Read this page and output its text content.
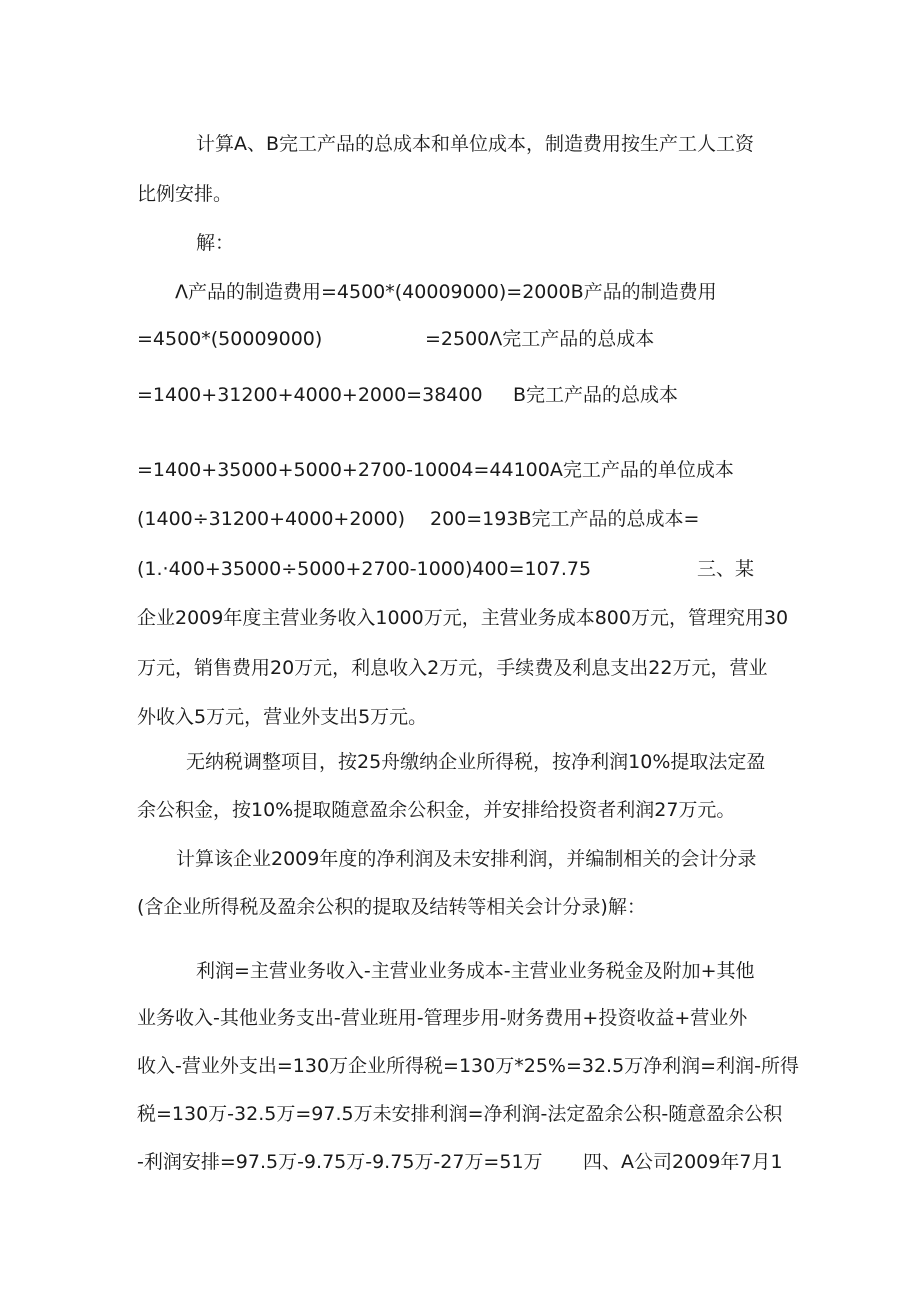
计算A、B完工产品的总成本和单位成本，制造费用按生产工人工资
比例安排。
解：
Λ产品的制造费用=4500*(40009000)=2000B产品的制造费用
=4500*(50009000)	=2500Λ完工产品的总成本
=1400+31200+4000+2000=38400 B完工产品的总成本
=1400+35000+5000+2700-10004=44100A完工产品的单位成本
(1400÷31200+4000+2000) 200=193B完工产品的总成本=
(1.·400+35000÷5000+2700-1000)400=107.75	三、某
企业2009年度主营业务收入1000万元，主营业务成本800万元，管理究用30
万元，销售费用20万元，利息收入2万元，手续费及利息支出22万元，营业
外收入5万元，营业外支出5万元。
无纳税调整项目，按25舟缴纳企业所得税，按净利润10%提取法定盈
余公积金，按10%提取随意盈余公积金，并安排给投资者利润27万元。
计算该企业2009年度的净利润及未安排利润，并编制相关的会计分录
(含企业所得税及盈余公积的提取及结转等相关会计分录)解：
利润=主营业务收入-主营业业务成本-主营业业务税金及附加+其他
业务收入-其他业务支出-营业班用-管理步用-财务费用+投资收益+营业外
收入-营业外支出=130万企业所得税=130万*25%=32.5万净利润=利润-所得
税=130万-32.5万=97.5万未安排利润=净利润-法定盈余公积-随意盈余公积
-利润安排=97.5万-9.75万-9.75万-27万=51万 四、A公司2009年7月1
